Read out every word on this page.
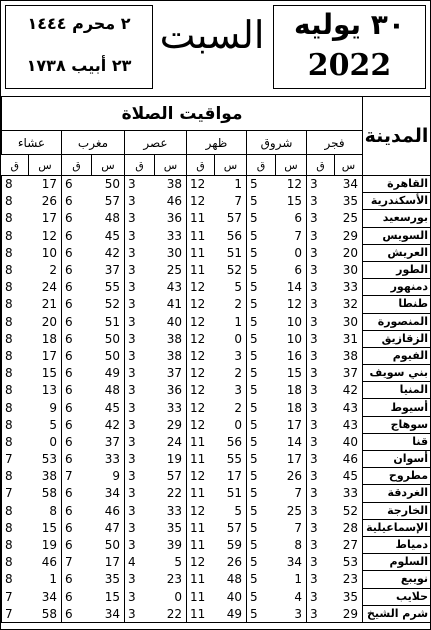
٢ محرم ١٤٤٤
٢٣ أبيب ١٧٣٨
السبت	٣٠ يوليه
2022
مواقيت الصلاة												المدينة
عشاء		مغرب		عصر		ظهر		شروق		فجر		
ق	س	ق	س	ق	س	ق	س	ق	س	ق	س	
8	17	6	50	3	38	12	1	5	12	3	34	القاهرة
8	26	6	57	3	46	12	7	5	15	3	35	الأسكندرية
8	17	6	48	3	36	11	57	5	6	3	25	بورسعيد
8	12	6	45	3	33	11	56	5	7	3	29	السويس
8	10	6	42	3	30	11	51	5	0	3	20	العريش
8	2	6	37	3	25	11	52	5	6	3	30	الطور
8	24	6	55	3	43	12	5	5	14	3	33	دمنهور
8	21	6	52	3	41	12	2	5	12	3	32	طنطا
8	20	6	51	3	40	12	1	5	10	3	30	المنصورة
8	18	6	50	3	38	12	0	5	10	3	31	الزقازيق
8	17	6	50	3	38	12	3	5	16	3	38	الفيوم
8	15	6	49	3	37	12	2	5	15	3	37	بني سويف
8	13	6	48	3	36	12	3	5	18	3	42	المنيا
8	9	6	45	3	33	12	2	5	18	3	43	أسيوط
8	5	6	42	3	29	12	0	5	17	3	43	سوهاج
8	0	6	37	3	24	11	56	5	14	3	40	قنا
7	53	6	33	3	19	11	55	5	17	3	46	أسوان
8	38	7	9	3	57	12	17	5	26	3	45	مطروح
7	58	6	34	3	22	11	51	5	7	3	33	الغردقة
8	8	6	46	3	33	12	5	5	25	3	52	الخارجة
8	15	6	47	3	35	11	57	5	7	3	28	الإسماعيلية
8	19	6	50	3	39	11	59	5	8	3	27	دمياط
8	46	7	17	4	5	12	26	5	34	3	53	السلوم
8	1	6	35	3	23	11	48	5	1	3	23	نويبع
7	34	6	15	3	0	11	40	5	4	3	35	حلايب
7	58	6	34	3	22	11	49	5	3	3	29	شرم الشيخ
